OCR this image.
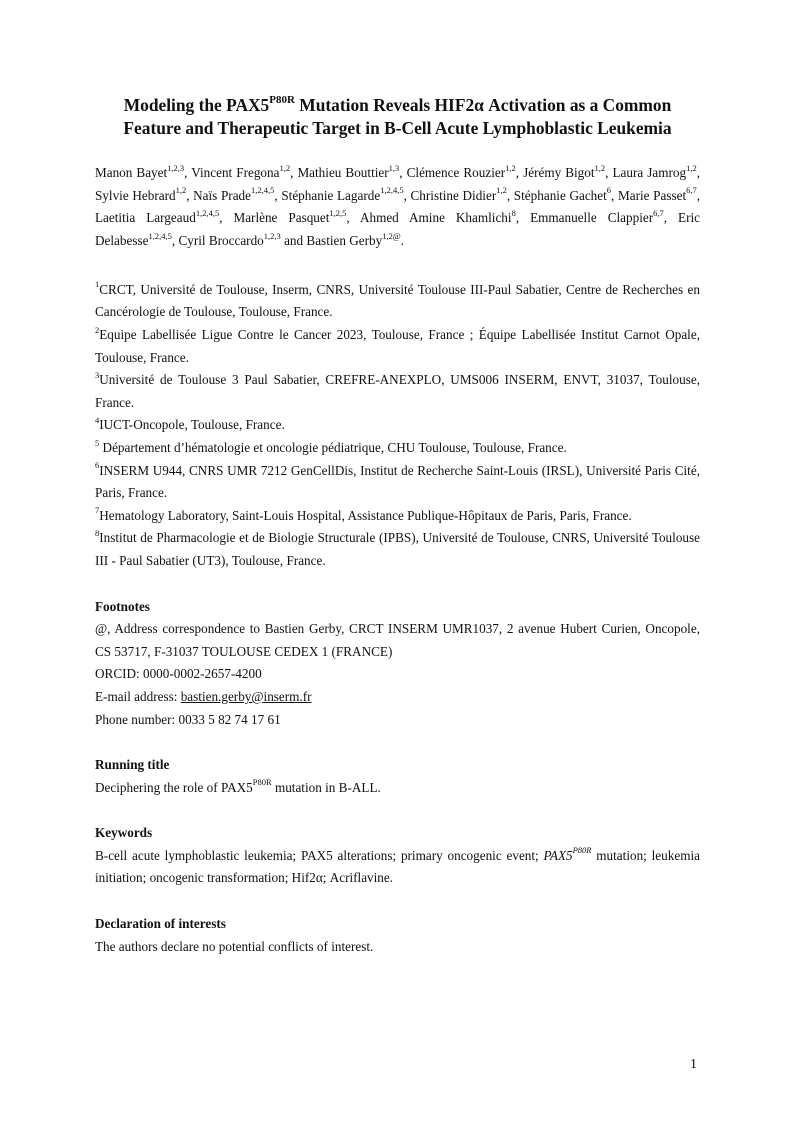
Modeling the $PAX5^{P80R}$ Mutation Reveals HIF2α Activation as a Common
Feature and Therapeutic Target in B-Cell Acute Lymphoblastic Leukemia

Manon Bayet$^{1,2,3}$, Vincent Fregona$^{1,2}$, Mathieu Bouttier$^{1,3}$, Clémence Rouzier$^{1,2}$, Jérémy Bigot$^{1,2}$, Laura Jamrog$^{1,2}$, Sylvie Hebrard$^{1,2}$, Naïs Prade$^{1,2,4,5}$, Stéphanie Lagarde$^{1,2,4,5}$, Christine Didier$^{1,2}$, Stéphanie Gachet$^6$, Marie Passet$^{6,7}$, Laetitia Largeaud$^{1,2,4,5}$, Marlène Pasquet$^{1,2,5}$, Ahmed Amine Khamlichi$^8$, Emmanuelle Clappier$^{6,7}$, Eric Delabesse$^{1,2,4,5}$, Cyril Broccardo$^{1,2,3}$ and Bastien Gerby$^{1,2@}$.

$^1$CRCT, Université de Toulouse, Inserm, CNRS, Université Toulouse III-Paul Sabatier, Centre de Recherches en Cancérologie de Toulouse, Toulouse, France.

$^2$Equipe Labellisée Ligue Contre le Cancer 2023, Toulouse, France ; Équipe Labellisée Institut Carnot Opale, Toulouse, France.

$^3$Université de Toulouse 3 Paul Sabatier, CREFRE-ANEXPLO, UMS006 INSERM, ENVT, 31037, Toulouse, France.

$^4$IUCT-Oncopole, Toulouse, France.

$^5$ Département d’hématologie et oncologie pédiatrique, CHU Toulouse, Toulouse, France.

$^6$INSERM U944, CNRS UMR 7212 GenCellDis, Institut de Recherche Saint-Louis (IRSL), Université Paris Cité, Paris, France.

$^7$Hematology Laboratory, Saint-Louis Hospital, Assistance Publique-Hôpitaux de Paris, Paris, France.

$^8$Institut de Pharmacologie et de Biologie Structurale (IPBS), Université de Toulouse, CNRS, Université Toulouse III - Paul Sabatier (UT3), Toulouse, France.

Footnotes

@, Address correspondence to Bastien Gerby, CRCT INSERM UMR1037, 2 avenue Hubert Curien, Oncopole, CS 53717, F-31037 TOULOUSE CEDEX 1 (FRANCE)

ORCID: 0000-0002-2657-4200

E-mail address: bastien.gerby@inserm.fr

Phone number: 0033 5 82 74 17 61

Running title

Deciphering the role of $PAX5^{P80R}$ mutation in B-ALL.

Keywords

B-cell acute lymphoblastic leukemia; PAX5 alterations; primary oncogenic event; $PAX5^{P80R}$ mutation; leukemia initiation; oncogenic transformation; Hif2α; Acriflavine.

Declaration of interests

The authors declare no potential conflicts of interest.

1
